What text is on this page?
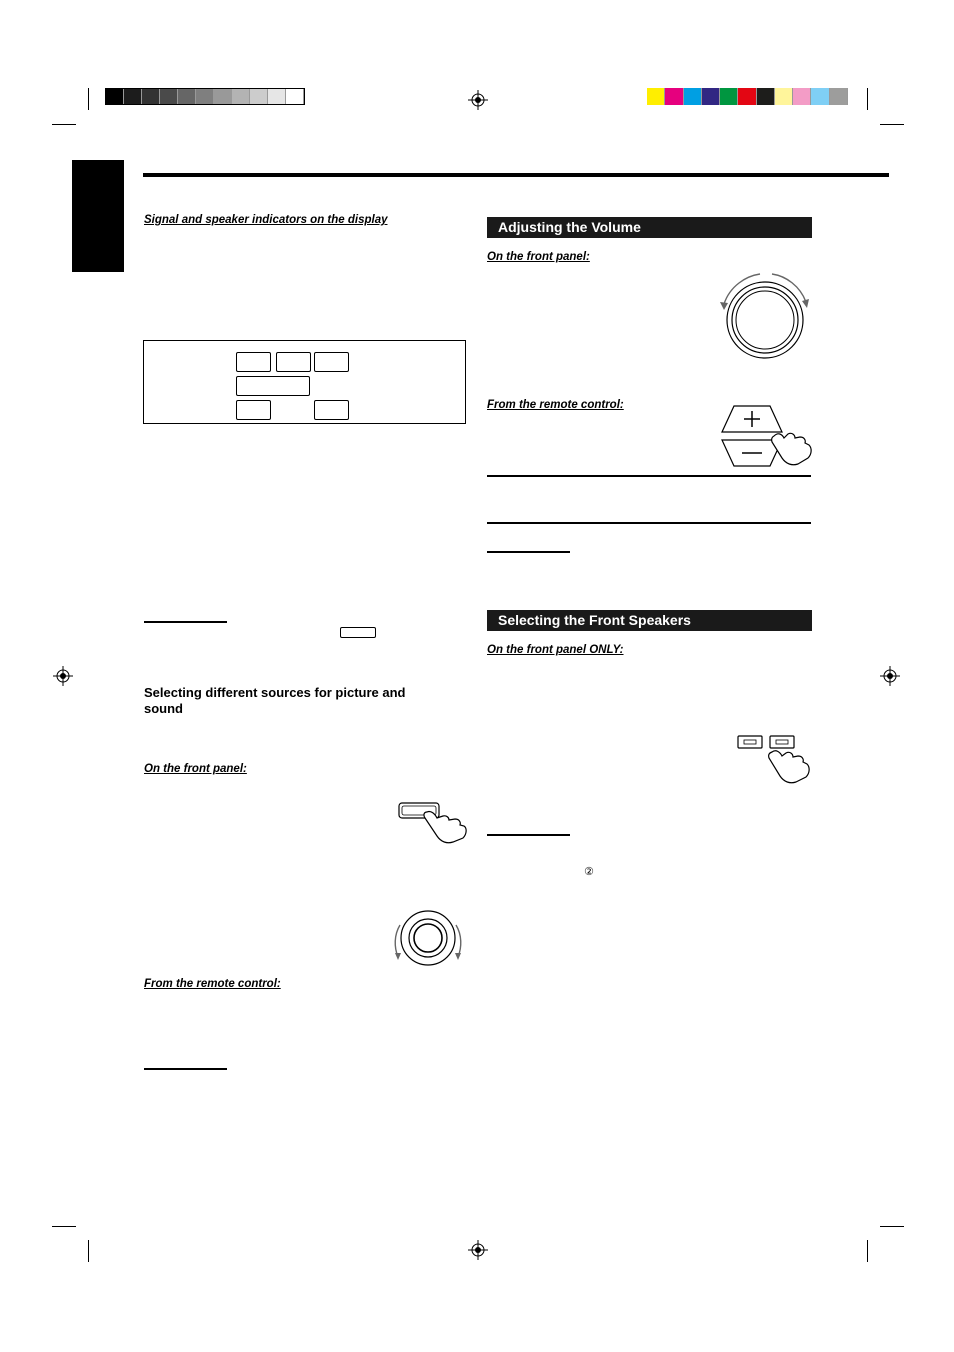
Signal and speaker indicators on the display
Selecting different sources for picture and sound
On the front panel:
From the remote control:
Adjusting the Volume
On the front panel:
From the remote control:
Selecting the Front Speakers
On the front panel ONLY:
②
